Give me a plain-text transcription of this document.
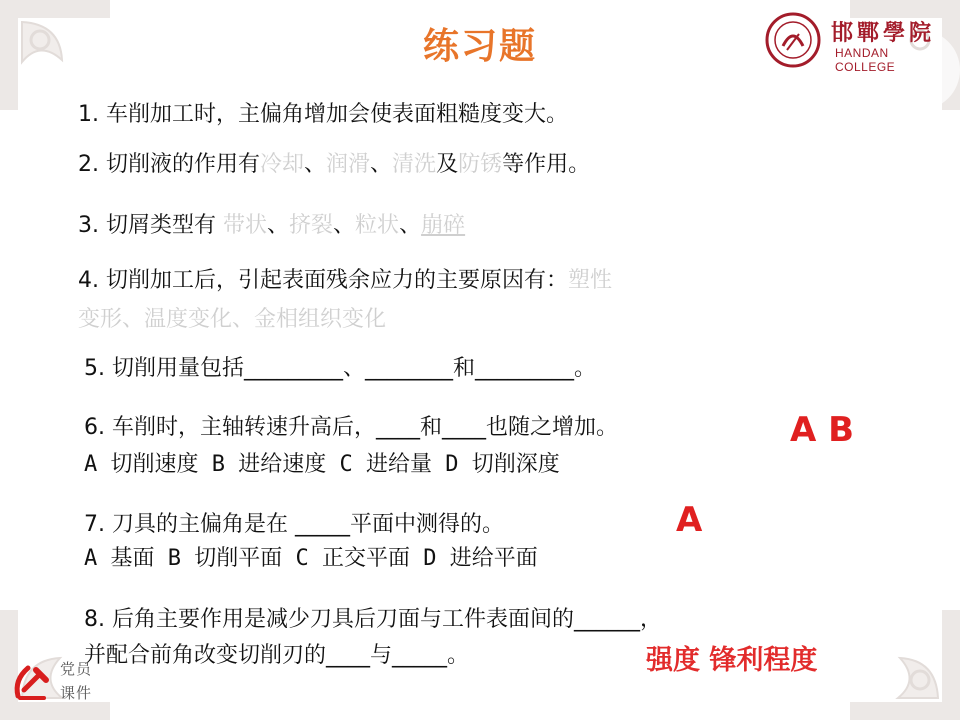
练习题	邯鄲學院
HANDAN COLLEGE
1. 车削加工时，主偏角增加会使表面粗糙度变大。
2. 切削液的作用有冷却、润滑、清洗及防锈等作用。
3. 切屑类型有 带状、挤裂、粒状、崩碎
4. 切削加工后，引起表面残余应力的主要原因有：塑性
变形、温度变化、金相组织变化
5. 切削用量包括_________、________和_________。
6. 车削时，主轴转速升高后，____和____也随之增加。	A B
A 切削速度 B 进给速度 C 进给量 D 切削深度
7. 刀具的主偏角是在 _____平面中测得的。	A
A 基面 B 切削平面 C 正交平面 D 进给平面
8. 后角主要作用是减少刀具后刀面与工件表面间的______，
并配合前角改变切削刃的____与_____。	强度 锋利程度
党员
课件
